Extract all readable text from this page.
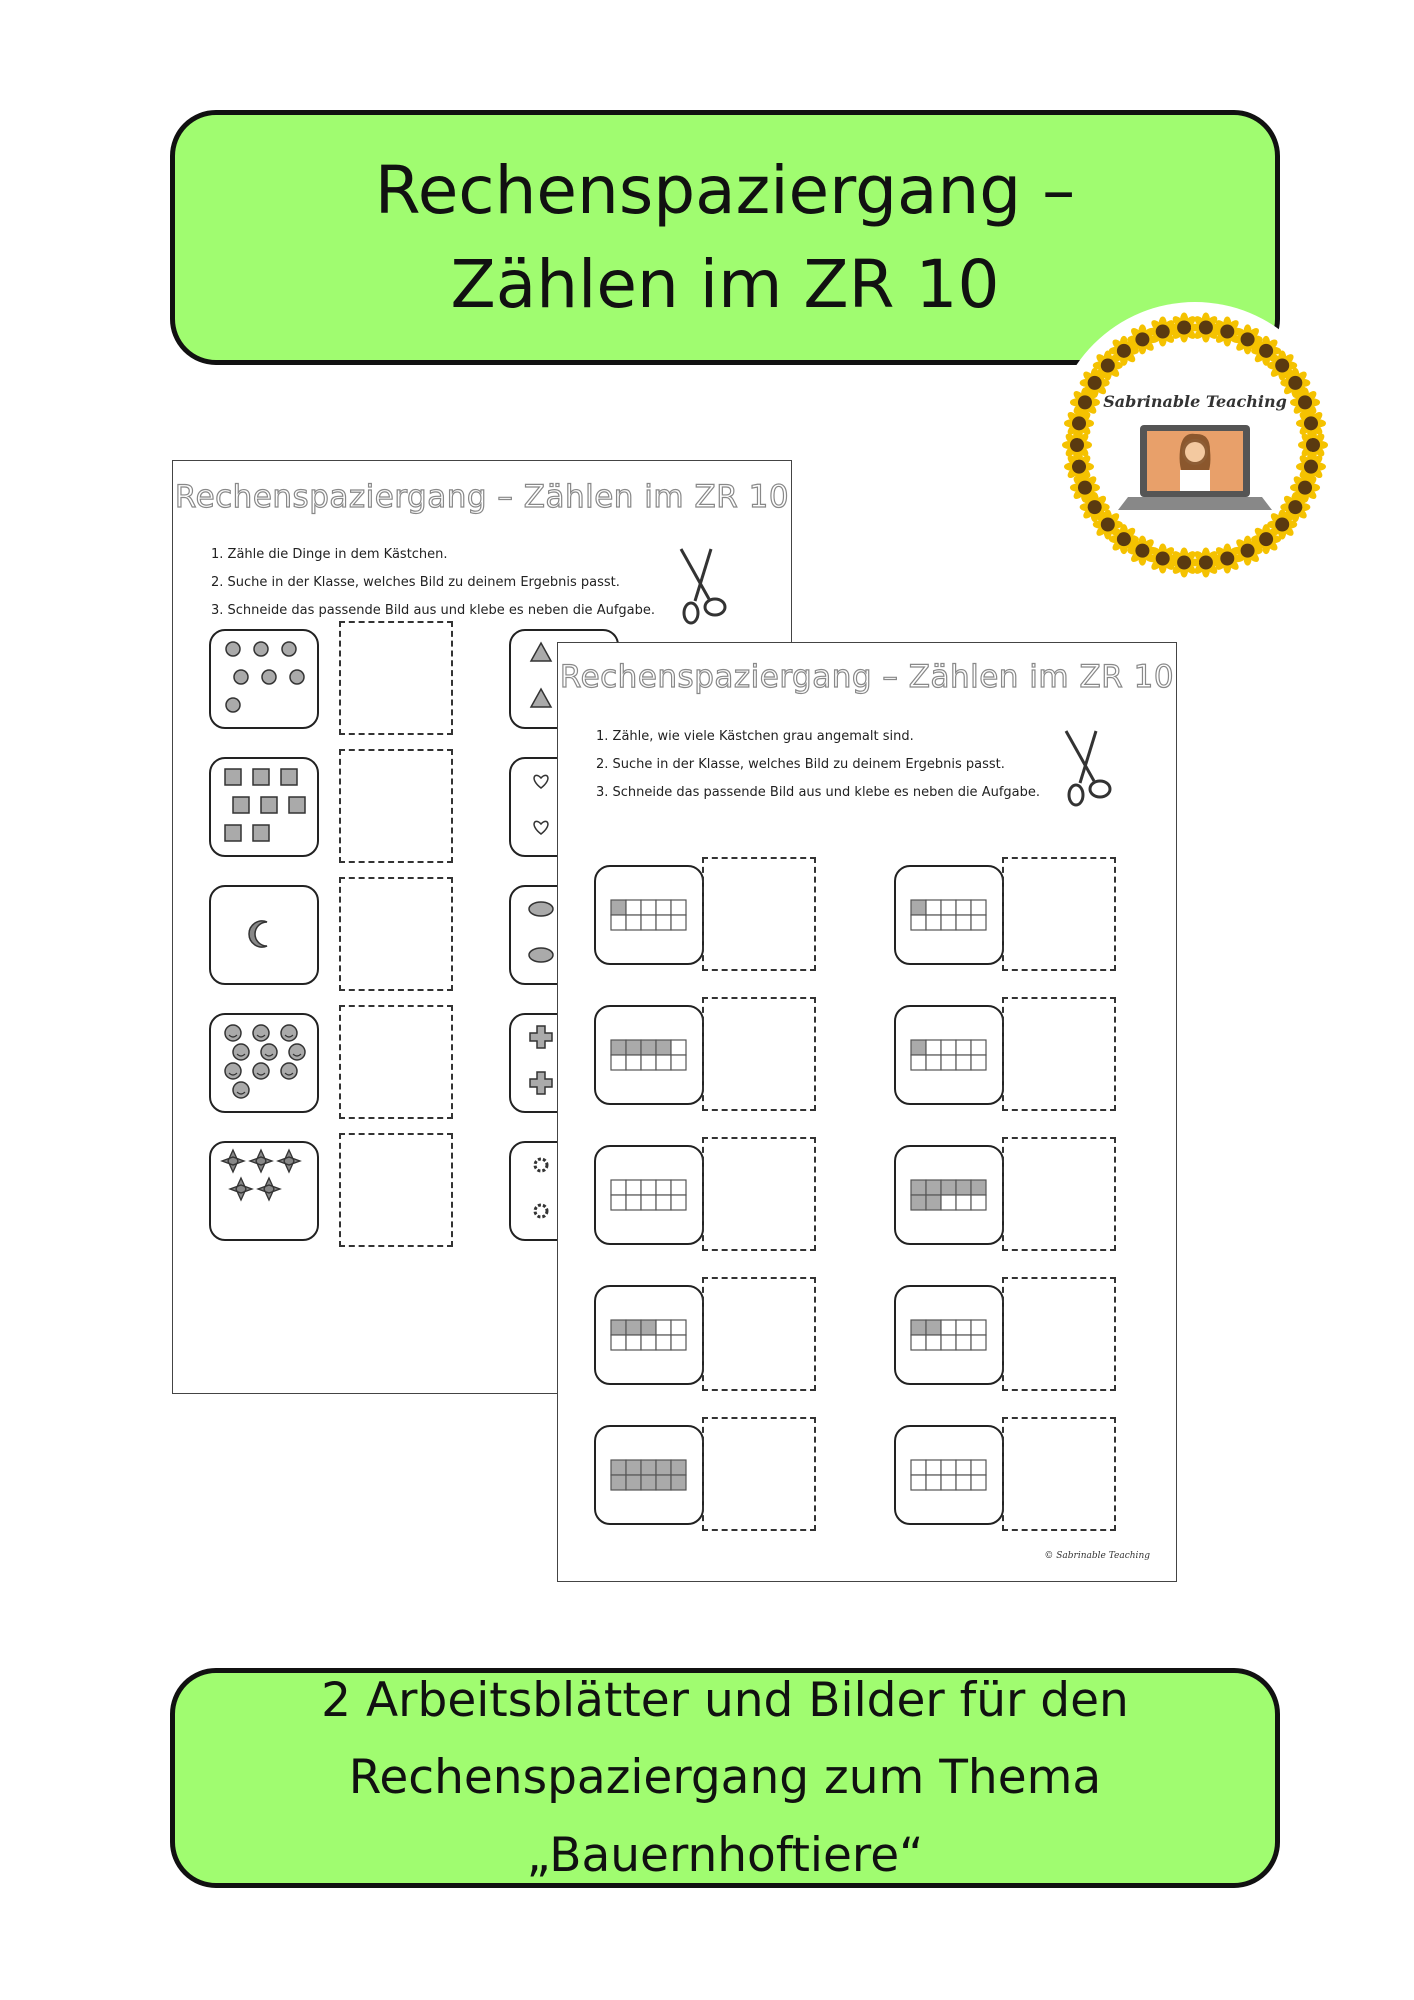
Rechenspaziergang –
Zählen im ZR 10
Rechenspaziergang – Zählen im ZR 10
1. Zähle die Dinge in dem Kästchen.
2. Suche in der Klasse, welches Bild zu deinem Ergebnis passt.
3. Schneide das passende Bild aus und klebe es neben die Aufgabe.
Rechenspaziergang – Zählen im ZR 10
1. Zähle, wie viele Kästchen grau angemalt sind.
2. Suche in der Klasse, welches Bild zu deinem Ergebnis passt.
3. Schneide das passende Bild aus und klebe es neben die Aufgabe.
© Sabrinable Teaching
Sabrinable Teaching
2 Arbeitsblätter und Bilder für den
Rechenspaziergang zum Thema „Bauernhoftiere“
